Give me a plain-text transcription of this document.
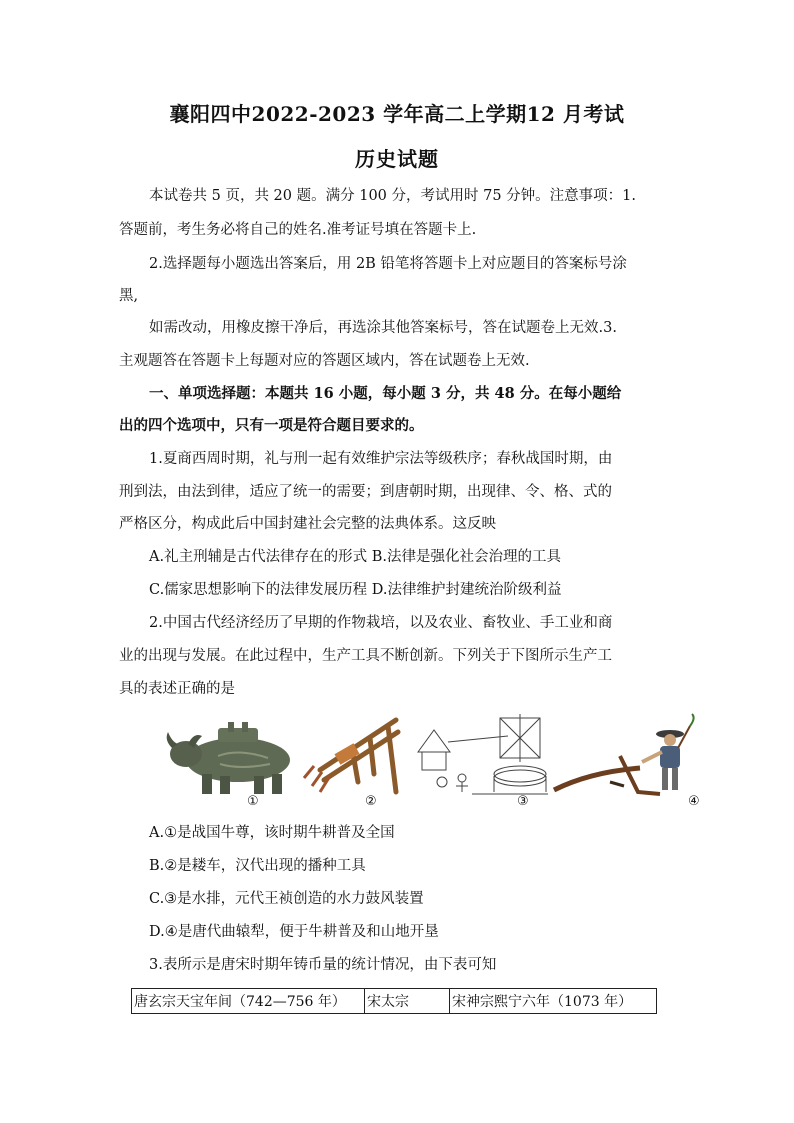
襄阳四中2022-2023 学年高二上学期12 月考试
历史试题
本试卷共 5 页，共 20 题。满分 100 分，考试用时 75 分钟。注意事项：1.
答题前，考生务必将自己的姓名.准考证号填在答题卡上.
2.选择题每小题选出答案后，用 2B 铅笔将答题卡上对应题目的答案标号涂
黑,
如需改动，用橡皮擦干净后，再选涂其他答案标号，答在试题卷上无效.3.
主观题答在答题卡上每题对应的答题区域内，答在试题卷上无效.
一、单项选择题：本题共 16 小题，每小题 3 分，共 48 分。在每小题给
出的四个选项中，只有一项是符合题目要求的。
1.夏商西周时期，礼与刑一起有效维护宗法等级秩序；春秋战国时期，由
刑到法，由法到律，适应了统一的需要；到唐朝时期，出现律、令、格、式的
严格区分，构成此后中国封建社会完整的法典体系。这反映
A.礼主刑辅是古代法律存在的形式 B.法律是强化社会治理的工具
C.儒家思想影响下的法律发展历程 D.法律维护封建统治阶级利益
2.中国古代经济经历了早期的作物栽培，以及农业、畜牧业、手工业和商
业的出现与发展。在此过程中，生产工具不断创新。下列关于下图所示生产工
具的表述正确的是
①	②	③	④
A.①是战国牛尊，该时期牛耕普及全国
B.②是耧车，汉代出现的播种工具
C.③是水排，元代王祯创造的水力鼓风装置
D.④是唐代曲辕犁，便于牛耕普及和山地开垦
3.表所示是唐宋时期年铸币量的统计情况，由下表可知
唐玄宗天宝年间（742—756 年）	宋太宗	宋神宗熙宁六年（1073 年）
